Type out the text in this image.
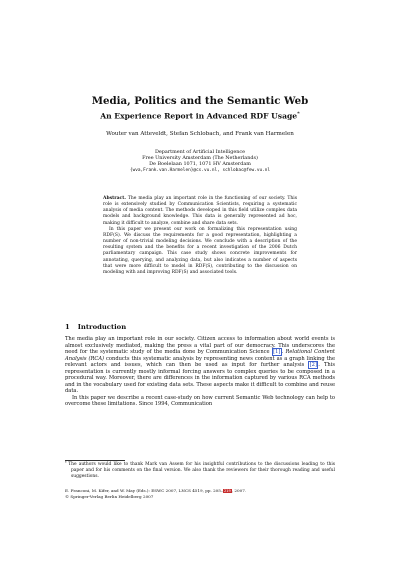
Media, Politics and the Semantic Web
An Experience Report in Advanced RDF Usage*
Wouter van Atteveldt, Stefan Schlobach, and Frank van Harmelen
Department of Artificial Intelligence
Free University Amsterdam (The Netherlands)
De Boelelaan 1071, 1071 HV Amsterdam
{wva,Frank.van.Harmelen}@cs.vu.nl, schlobac@few.vu.nl

Abstract. The media play an important role in the functioning of our society. This role is extensively studied by Communication Scientists, requiring a systematic analysis of media content. The methods developed in this field utilize complex data models and background knowledge. This data is generally represented ad hoc, making it difficult to analyze, combine and share data sets.

In this paper we present our work on formalizing this representation using RDF(S). We discuss the requirements for a good representation, highlighting a number of non-trivial modeling decisions. We conclude with a description of the resulting system and the benefits for a recent investigation of the 2006 Dutch parliamentary campaign. This case study shows concrete improvements for annotating, querying, and analyzing data, but also indicates a number of aspects that were more difficult to model in RDF(S), contributing to the discussion on modeling with and improving RDF(S) and associated tools.

1 Introduction

The media play an important role in our society. Citizen access to information about world events is almost exclusively mediated, making the press a vital part of our democracy. This underscores the need for the systematic study of the media done by Communication Science [1]. Relational Content Analysis (RCA) conducts this systematic analysis by representing news content as a graph linking the relevant actors and issues, which can then be used as input for further analysis [2]. This representation is currently mostly informal forcing answers to complex queries to be composed in a procedural way. Moreover, there are differences in the information captured by various RCA methods and in the vocabulary used for existing data sets. These aspects make it difficult to combine and reuse data.

In this paper we describe a recent case-study on how current Semantic Web technology can help to overcome these limitations. Since 1994, Communication

* The authors would like to thank Mark van Assem for his insightful contributions to the discussions leading to this paper and for his comments on the final version. We also thank the reviewers for their thorough reading and useful suggestions.
E. Franconi, M. Kifer, and W. May (Eds.): ESWC 2007, LNCS 4519, pp. 205–219, 2007.
© Springer-Verlag Berlin Heidelberg 2007
